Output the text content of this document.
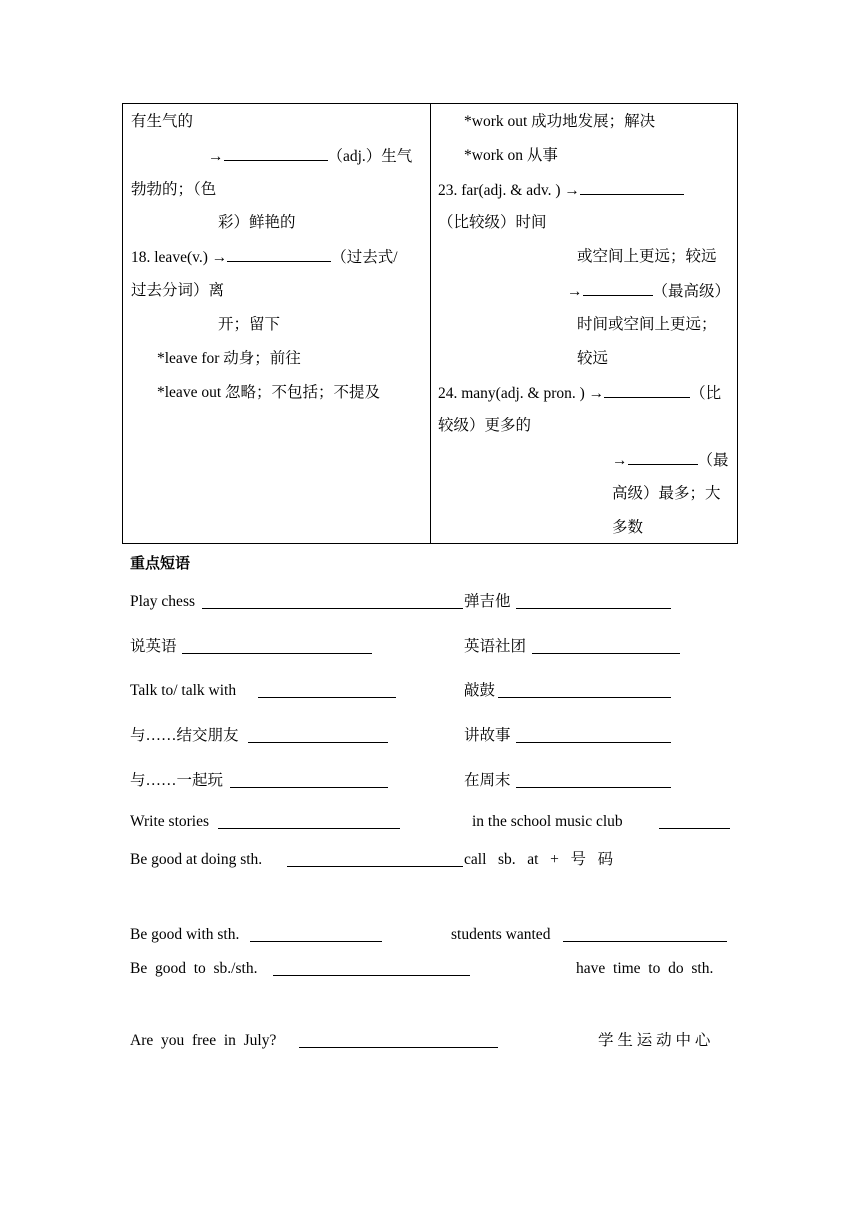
有生气的
→	（adj.）生气
勃勃的；（色
彩）鲜艳的
18. leave(v.) →	（过去式/
过去分词）离
开；留下
*leave for 动身；前往
*leave out 忽略；不包括；不提及
*work out 成功地发展；解决
*work on 从事
23. far(adj. & adv. ) →
（比较级）时间
或空间上更远；较远
→	（最高级）
时间或空间上更远；
较远
24. many(adj. & pron. ) →	（比
较级）更多的
→	（最
高级）最多；大
多数
重点短语
Play chess	弹吉他
说英语	英语社团
Talk to/ talk with	敲鼓
与……结交朋友	讲故事
与……一起玩	在周末
Write stories	in the school music club
Be good at doing sth.	call   sb.   at   +   号   码
Be good with sth.	students wanted
Be  good  to  sb./sth.	have  time  to  do  sth.
Are  you  free  in  July?	学 生 运 动 中 心
